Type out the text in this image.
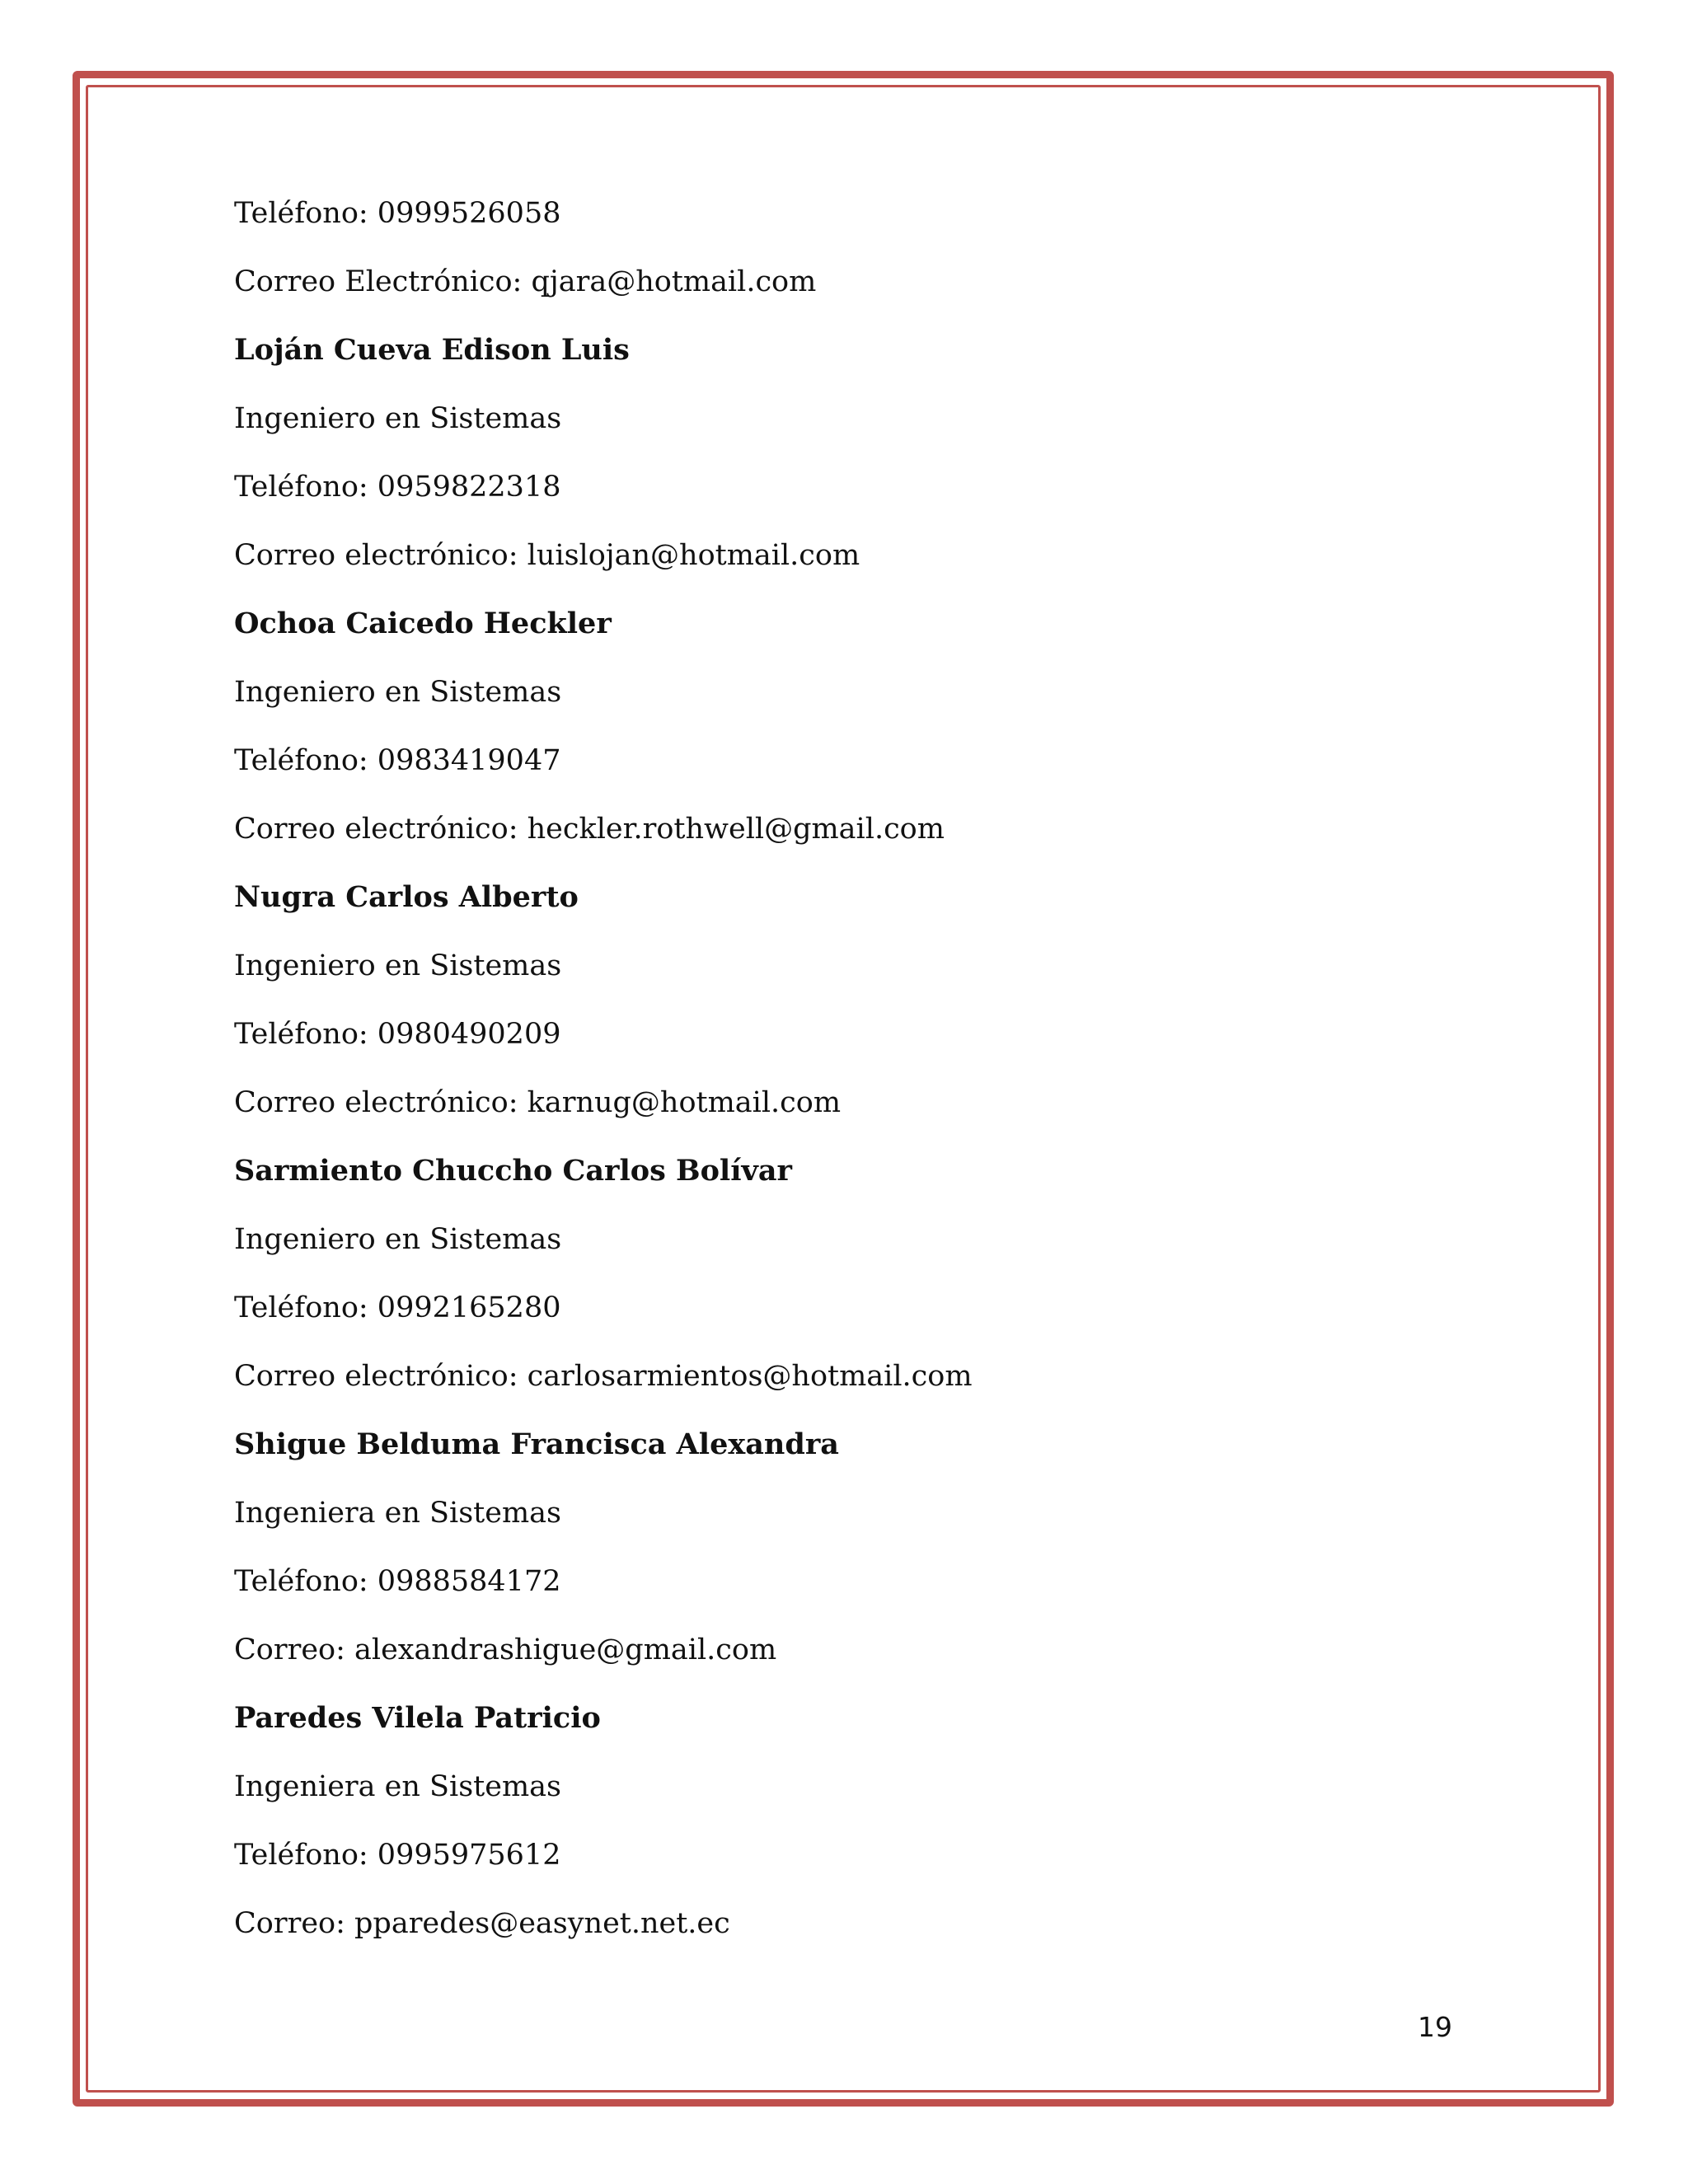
Teléfono: 0999526058
Correo Electrónico: qjara@hotmail.com
Loján Cueva Edison Luis
Ingeniero en Sistemas
Teléfono: 0959822318
Correo electrónico: luislojan@hotmail.com
Ochoa Caicedo Heckler
Ingeniero en Sistemas
Teléfono: 0983419047
Correo electrónico: heckler.rothwell@gmail.com
Nugra Carlos Alberto
Ingeniero en Sistemas
Teléfono: 0980490209
Correo electrónico: karnug@hotmail.com
Sarmiento Chuccho Carlos Bolívar
Ingeniero en Sistemas
Teléfono: 0992165280
Correo electrónico: carlosarmientos@hotmail.com
Shigue Belduma Francisca Alexandra
Ingeniera en Sistemas
Teléfono: 0988584172
Correo: alexandrashigue@gmail.com
Paredes Vilela Patricio
Ingeniera en Sistemas
Teléfono: 0995975612
Correo: pparedes@easynet.net.ec
19
